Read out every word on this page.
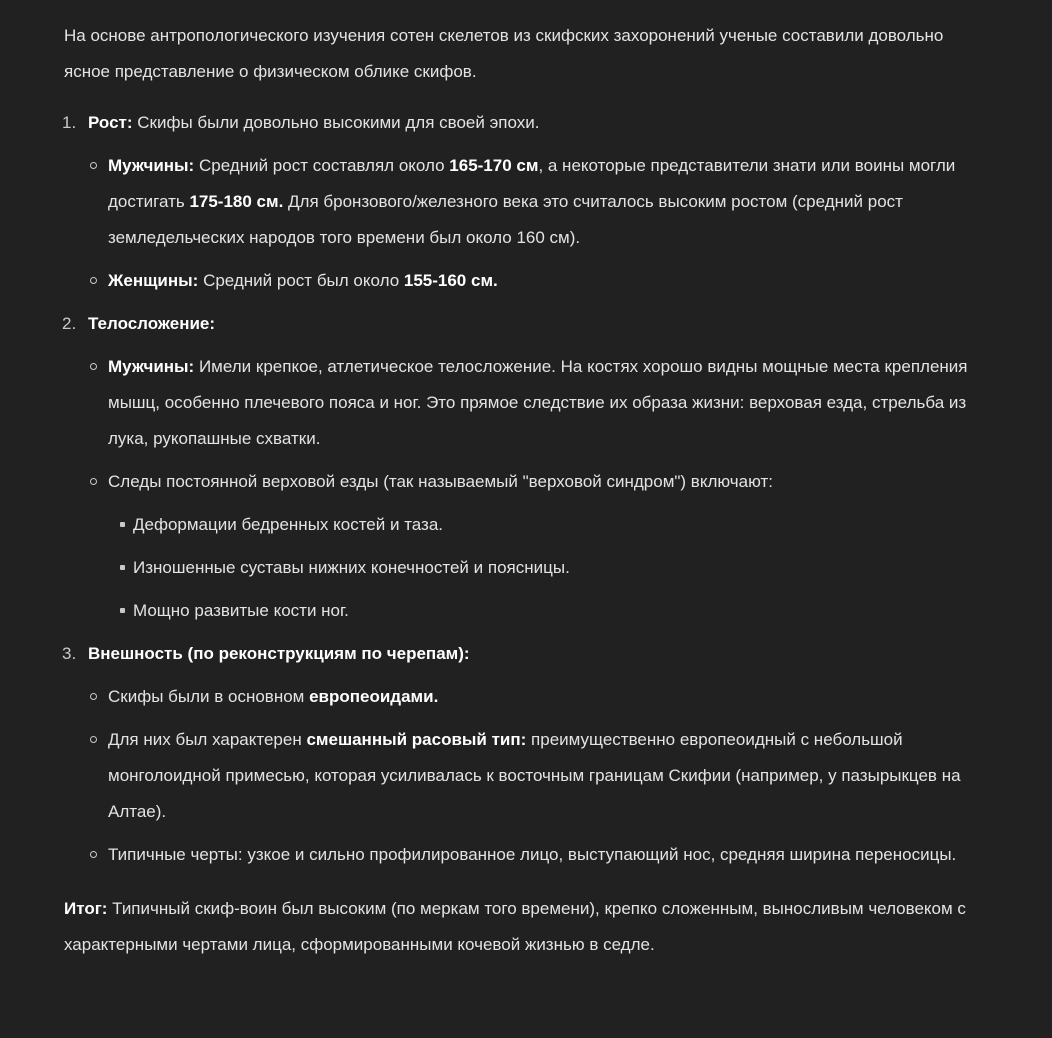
На основе антропологического изучения сотен скелетов из скифских захоронений ученые составили довольно ясное представление о физическом облике скифов.

Рост: Скифы были довольно высокими для своей эпохи.
Мужчины: Средний рост составлял около 165-170 см, а некоторые представители знати или воины могли достигать 175-180 см. Для бронзового/железного века это считалось высоким ростом (средний рост земледельческих народов того времени был около 160 см).
Женщины: Средний рост был около 155-160 см.
Телосложение:
Мужчины: Имели крепкое, атлетическое телосложение. На костях хорошо видны мощные места крепления мышц, особенно плечевого пояса и ног. Это прямое следствие их образа жизни: верховая езда, стрельба из лука, рукопашные схватки.
Следы постоянной верховой езды (так называемый "верховой синдром") включают:
Деформации бедренных костей и таза.
Изношенные суставы нижних конечностей и поясницы.
Мощно развитые кости ног.
Внешность (по реконструкциям по черепам):
Скифы были в основном европеоидами.
Для них был характерен смешанный расовый тип: преимущественно европеоидный с небольшой монголоидной примесью, которая усиливалась к восточным границам Скифии (например, у пазырыкцев на Алтае).
Типичные черты: узкое и сильно профилированное лицо, выступающий нос, средняя ширина переносицы.

Итог: Типичный скиф-воин был высоким (по меркам того времени), крепко сложенным, выносливым человеком с характерными чертами лица, сформированными кочевой жизнью в седле.
